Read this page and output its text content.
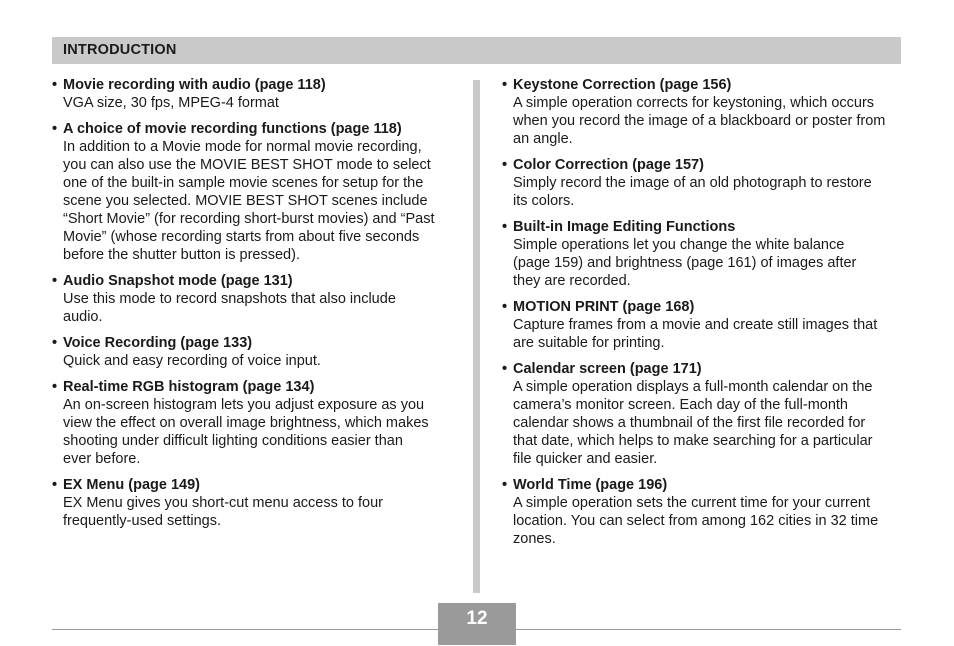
INTRODUCTION
• Movie recording with audio (page 118)
VGA size, 30 fps, MPEG-4 format
• A choice of movie recording functions (page 118)
In addition to a Movie mode for normal movie recording,
you can also use the MOVIE BEST SHOT mode to select
one of the built-in sample movie scenes for setup for the
scene you selected. MOVIE BEST SHOT scenes include
“Short Movie” (for recording short-burst movies) and “Past
Movie” (whose recording starts from about five seconds
before the shutter button is pressed).
• Audio Snapshot mode (page 131)
Use this mode to record snapshots that also include
audio.
• Voice Recording (page 133)
Quick and easy recording of voice input.
• Real-time RGB histogram (page 134)
An on-screen histogram lets you adjust exposure as you
view the effect on overall image brightness, which makes
shooting under difficult lighting conditions easier than
ever before.
• EX Menu (page 149)
EX Menu gives you short-cut menu access to four
frequently-used settings.
• Keystone Correction (page 156)
A simple operation corrects for keystoning, which occurs
when you record the image of a blackboard or poster from
an angle.
• Color Correction (page 157)
Simply record the image of an old photograph to restore
its colors.
• Built-in Image Editing Functions
Simple operations let you change the white balance
(page 159) and brightness (page 161) of images after
they are recorded.
• MOTION PRINT (page 168)
Capture frames from a movie and create still images that
are suitable for printing.
• Calendar screen (page 171)
A simple operation displays a full-month calendar on the
camera’s monitor screen. Each day of the full-month
calendar shows a thumbnail of the first file recorded for
that date, which helps to make searching for a particular
file quicker and easier.
• World Time (page 196)
A simple operation sets the current time for your current
location. You can select from among 162 cities in 32 time
zones.
12
